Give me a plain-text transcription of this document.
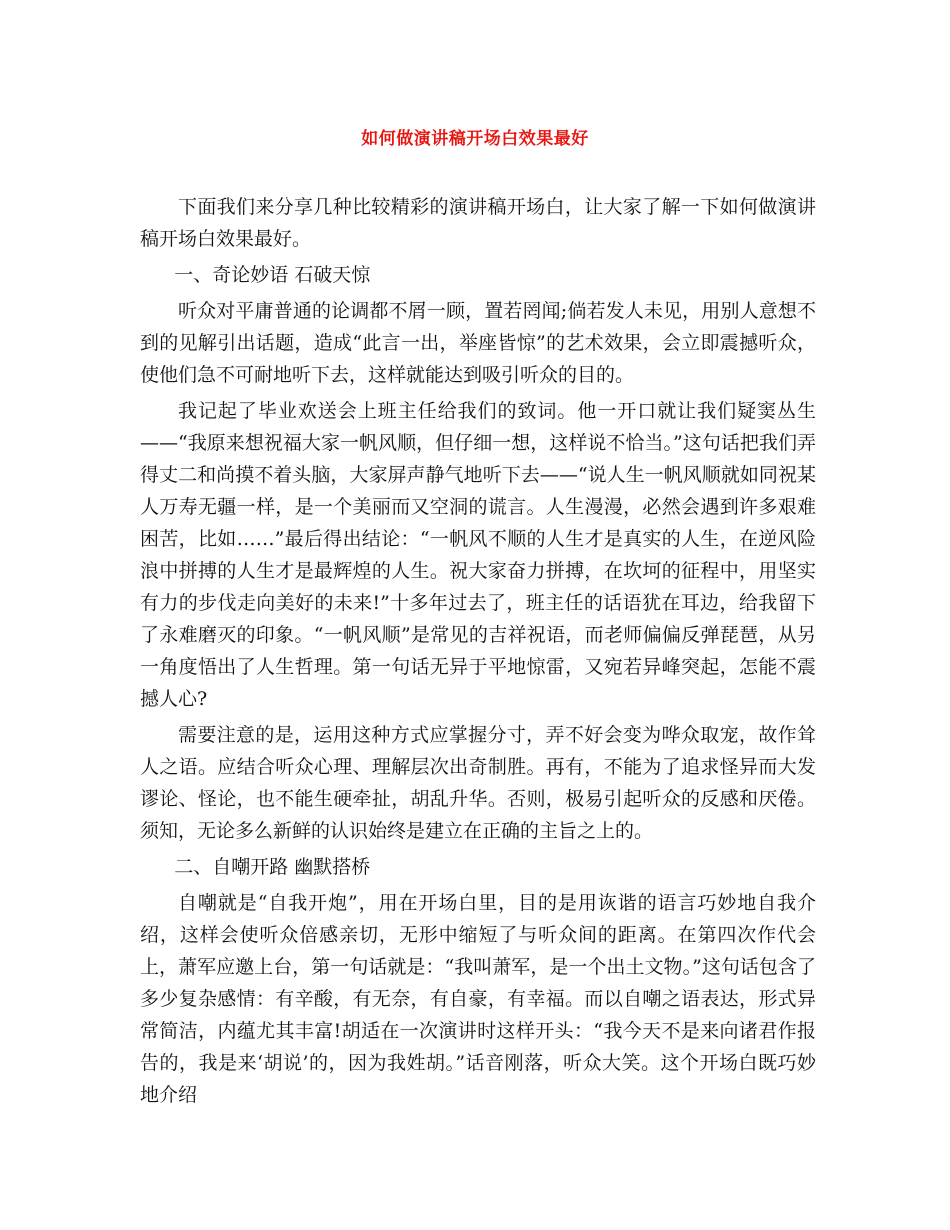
如何做演讲稿开场白效果最好

下面我们来分享几种比较精彩的演讲稿开场白，让大家了解一下如何做演讲稿开场白效果最好。

一、奇论妙语 石破天惊

听众对平庸普通的论调都不屑一顾，置若罔闻;倘若发人未见，用别人意想不到的见解引出话题，造成“此言一出，举座皆惊”的艺术效果，会立即震撼听众，使他们急不可耐地听下去，这样就能达到吸引听众的目的。

我记起了毕业欢送会上班主任给我们的致词。他一开口就让我们疑窦丛生——“我原来想祝福大家一帆风顺，但仔细一想，这样说不恰当。”这句话把我们弄得丈二和尚摸不着头脑，大家屏声静气地听下去——“说人生一帆风顺就如同祝某人万寿无疆一样，是一个美丽而又空洞的谎言。人生漫漫，必然会遇到许多艰难困苦，比如……”最后得出结论：“一帆风不顺的人生才是真实的人生，在逆风险浪中拼搏的人生才是最辉煌的人生。祝大家奋力拼搏，在坎坷的征程中，用坚实有力的步伐走向美好的未来!”十多年过去了，班主任的话语犹在耳边，给我留下了永难磨灭的印象。“一帆风顺”是常见的吉祥祝语，而老师偏偏反弹琵琶，从另一角度悟出了人生哲理。第一句话无异于平地惊雷，又宛若异峰突起，怎能不震撼人心?

需要注意的是，运用这种方式应掌握分寸，弄不好会变为哗众取宠，故作耸人之语。应结合听众心理、理解层次出奇制胜。再有，不能为了追求怪异而大发谬论、怪论，也不能生硬牵扯，胡乱升华。否则，极易引起听众的反感和厌倦。须知，无论多么新鲜的认识始终是建立在正确的主旨之上的。

二、自嘲开路 幽默搭桥

自嘲就是“自我开炮”，用在开场白里，目的是用诙谐的语言巧妙地自我介绍，这样会使听众倍感亲切，无形中缩短了与听众间的距离。在第四次作代会上，萧军应邀上台，第一句话就是：“我叫萧军，是一个出土文物。”这句话包含了多少复杂感情：有辛酸，有无奈，有自豪，有幸福。而以自嘲之语表达，形式异常简洁，内蕴尤其丰富!胡适在一次演讲时这样开头：“我今天不是来向诸君作报告的，我是来‘胡说’的，因为我姓胡。”话音刚落，听众大笑。这个开场白既巧妙地介绍
